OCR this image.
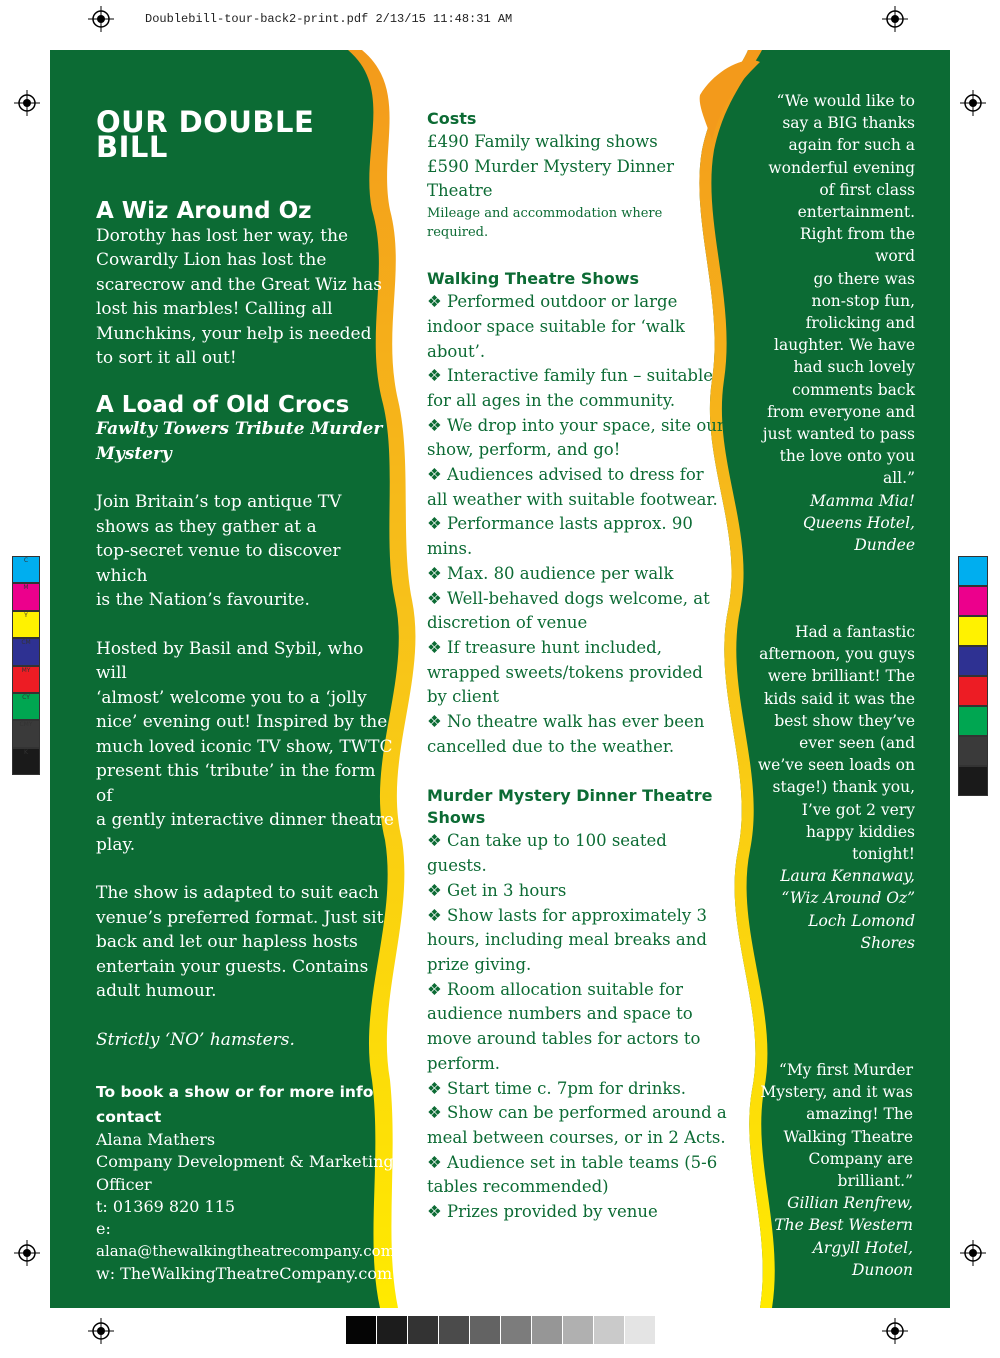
Doublebill-tour-back2-print.pdf 2/13/15 11:48:31 AM
C
M
Y
CM
MY
CY
CMY
K
OUR DOUBLE BILL
A Wiz Around Oz
Dorothy has lost her way, the
Cowardly Lion has lost the
scarecrow and the Great Wiz has
lost his marbles! Calling all
Munchkins, your help is needed
to sort it all out!
A Load of Old Crocs
Fawlty Towers Tribute Murder
Mystery
Join Britain’s top antique TV
shows as they gather at a
top-secret venue to discover which
is the Nation’s favourite.
Hosted by Basil and Sybil, who will
‘almost’ welcome you to a ‘jolly
nice’ evening out! Inspired by the
much loved iconic TV show, TWTC
present this ‘tribute’ in the form of
a gently interactive dinner theatre
play.
The show is adapted to suit each
venue’s preferred format. Just sit
back and let our hapless hosts
entertain your guests. Contains
adult humour.
Strictly ‘NO’ hamsters.
To book a show or for more info contact
Alana Mathers
Company Development & Marketing
Officer
t: 01369 820 115
e:
alana@thewalkingtheatrecompany.com
w: TheWalkingTheatreCompany.com
Costs
£490 Family walking shows
£590 Murder Mystery Dinner
Theatre
Mileage and accommodation where
required.
Walking Theatre Shows
❖ Performed outdoor or large
indoor space suitable for ‘walk
about’.
❖ Interactive family fun – suitable
for all ages in the community.
❖ We drop into your space, site our
show, perform, and go!
❖ Audiences advised to dress for
all weather with suitable footwear.
❖ Performance lasts approx. 90
mins.
❖ Max. 80 audience per walk
❖ Well-behaved dogs welcome, at
discretion of venue
❖ If treasure hunt included,
wrapped sweets/tokens provided
by client
❖ No theatre walk has ever been
cancelled due to the weather.
Murder Mystery Dinner Theatre Shows
❖ Can take up to 100 seated
guests.
❖ Get in 3 hours
❖ Show lasts for approximately 3
hours, including meal breaks and
prize giving.
❖ Room allocation suitable for
audience numbers and space to
move around tables for actors to
perform.
❖ Start time c. 7pm for drinks.
❖ Show can be performed around a
meal between courses, or in 2 Acts.
❖ Audience set in table teams (5-6
tables recommended)
❖ Prizes provided by venue
“We would like to
say a BIG thanks
again for such a
wonderful evening
of first class
entertainment.
Right from the word
go there was
non-stop fun,
frolicking and
laughter. We have
had such lovely
comments back
from everyone and
just wanted to pass
the love onto you
all.”
Mamma Mia!
Queens Hotel,
Dundee
Had a fantastic
afternoon, you guys
were brilliant! The
kids said it was the
best show they’ve
ever seen (and
we’ve seen loads on
stage!) thank you,
I’ve got 2 very
happy kiddies
tonight!
Laura Kennaway,
“Wiz Around Oz”
Loch Lomond Shores
“My first Murder
Mystery, and it was
amazing! The
Walking Theatre
Company are
brilliant.”
Gillian Renfrew,
The Best Western
Argyll Hotel, Dunoon
